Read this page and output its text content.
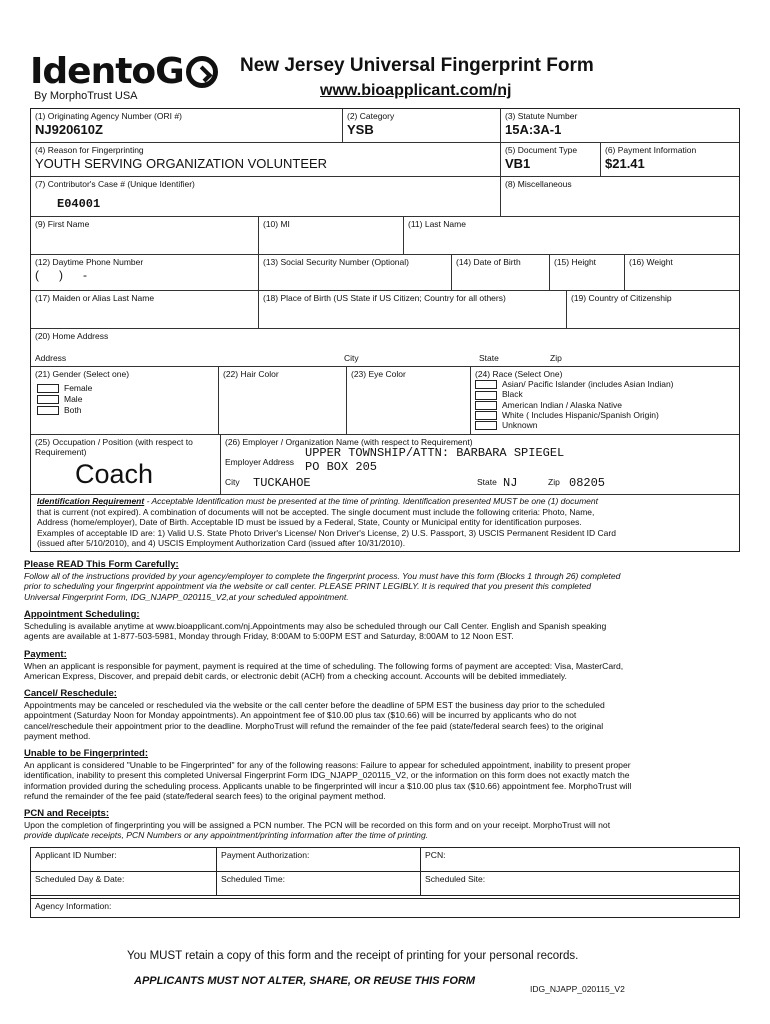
IdentoG
By MorphoTrust USA
New Jersey Universal Fingerprint Form
www.bioapplicant.com/nj
(1) Originating Agency Number (ORI #)
NJ920610Z
(2) Category
YSB
(3) Statute Number
15A:3A-1
(4) Reason for Fingerprinting
YOUTH SERVING ORGANIZATION VOLUNTEER
(5) Document Type
VB1
(6) Payment Information
$21.41
(7) Contributor's Case # (Unique Identifier)
E04001
(8) Miscellaneous
(9) First Name	(10) MI	(11) Last Name
(12) Daytime Phone Number
(      )      -
(13) Social Security Number (Optional)	(14) Date of Birth	(15) Height	(16) Weight
(17) Maiden or Alias Last Name	(18) Place of Birth (US State if US Citizen; Country for all others)	(19) Country of Citizenship
(20) Home Address
Address	City	State	Zip
(21) Gender (Select one)
Female
Male
Both
(22) Hair Color	(23) Eye Color	(24) Race (Select One)
Asian/ Pacific Islander (includes Asian Indian)
Black
American Indian / Alaska Native
White ( Includes Hispanic/Spanish Origin)
Unknown
(25) Occupation / Position (with respect to Requirement)
Coach
(26) Employer / Organization Name (with respect to Requirement)
Employer Address
UPPER TOWNSHIP/ATTN: BARBARA SPIEGEL
PO BOX 205
City TUCKAHOE	State NJ	Zip 08205
Identification Requirement - Acceptable Identification must be presented at the time of printing. Identification presented MUST be one (1) document
that is current (not expired). A combination of documents will not be accepted. The single document must include the following criteria: Photo, Name,
Address (home/employer), Date of Birth. Acceptable ID must be issued by a Federal, State, County or Municipal entity for identification purposes.
Examples of acceptable ID are: 1) Valid U.S. State Photo Driver's License/ Non Driver's License, 2) U.S. Passport, 3) USCIS Permanent Resident ID Card
(issued after 5/10/2010), and 4) USCIS Employment Authorization Card (issued after 10/31/2010).
Please READ This Form Carefully:
Follow all of the instructions provided by your agency/employer to complete the fingerprint process. You must have this form (Blocks 1 through 26) completed
prior to scheduling your fingerprint appointment via the website or call center. PLEASE PRINT LEGIBLY. It is required that you present this completed
Universal Fingerprint Form, IDG_NJAPP_020115_V2,at your scheduled appointment.
Appointment Scheduling:
Scheduling is available anytime at www.bioapplicant.com/nj.Appointments may also be scheduled through our Call Center. English and Spanish speaking
agents are available at 1-877-503-5981, Monday through Friday, 8:00AM to 5:00PM EST and Saturday, 8:00AM to 12 Noon EST.
Payment:
When an applicant is responsible for payment, payment is required at the time of scheduling. The following forms of payment are accepted: Visa, MasterCard,
American Express, Discover, and prepaid debit cards, or electronic debit (ACH) from a checking account. Accounts will be debited immediately.
Cancel/ Reschedule:
Appointments may be canceled or rescheduled via the website or the call center before the deadline of 5PM EST the business day prior to the scheduled
appointment (Saturday Noon for Monday appointments). An appointment fee of $10.00 plus tax ($10.66) will be incurred by applicants who do not
cancel/reschedule their appointment prior to the deadline. MorphoTrust will refund the remainder of the fee paid (state/federal search fees) to the original
payment method.
Unable to be Fingerprinted:
An applicant is considered "Unable to be Fingerprinted" for any of the following reasons: Failure to appear for scheduled appointment, inability to present proper
identification, inability to present this completed Universal Fingerprint Form IDG_NJAPP_020115_V2, or the information on this form does not exactly match the
information provided during the scheduling process. Applicants unable to be fingerprinted will incur a $10.00 plus tax ($10.66) appointment fee. MorphoTrust will
refund the remainder of the fee paid (state/federal search fees) to the original payment method.
PCN and Receipts:
Upon the completion of fingerprinting you will be assigned a PCN number. The PCN will be recorded on this form and on your receipt. MorphoTrust will not
provide duplicate receipts, PCN Numbers or any appointment/printing information after the time of printing.
Applicant ID Number:	Payment Authorization:	PCN:
Scheduled Day & Date:	Scheduled Time:	Scheduled Site:
Agency Information:
You MUST retain a copy of this form and the receipt of printing for your personal records.
APPLICANTS MUST NOT ALTER, SHARE, OR REUSE THIS FORM
IDG_NJAPP_020115_V2
